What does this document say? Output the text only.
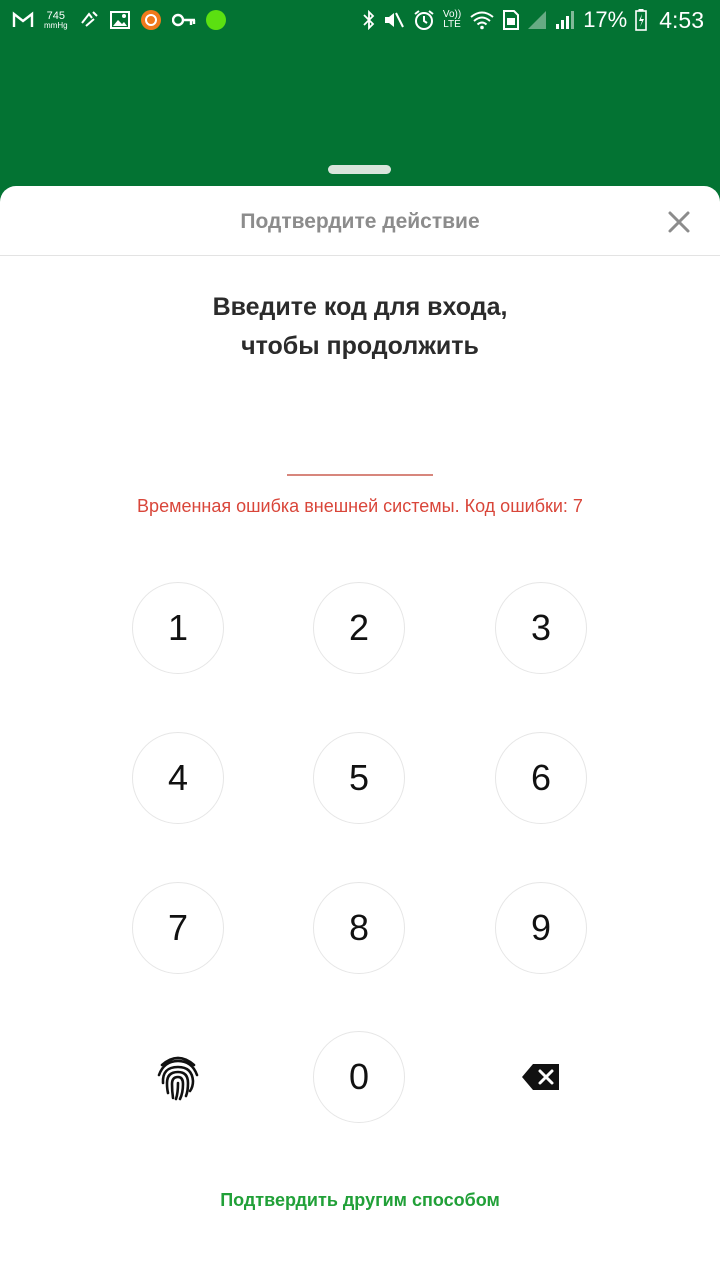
745
mmHg
Vo))
LTE	17% 4:53
Подтвердите действие
Введите код для входа,
чтобы продолжить
Временная ошибка внешней системы. Код ошибки: 7
1	2	3
4	5	6
7	8	9
0
Подтвердить другим способом
